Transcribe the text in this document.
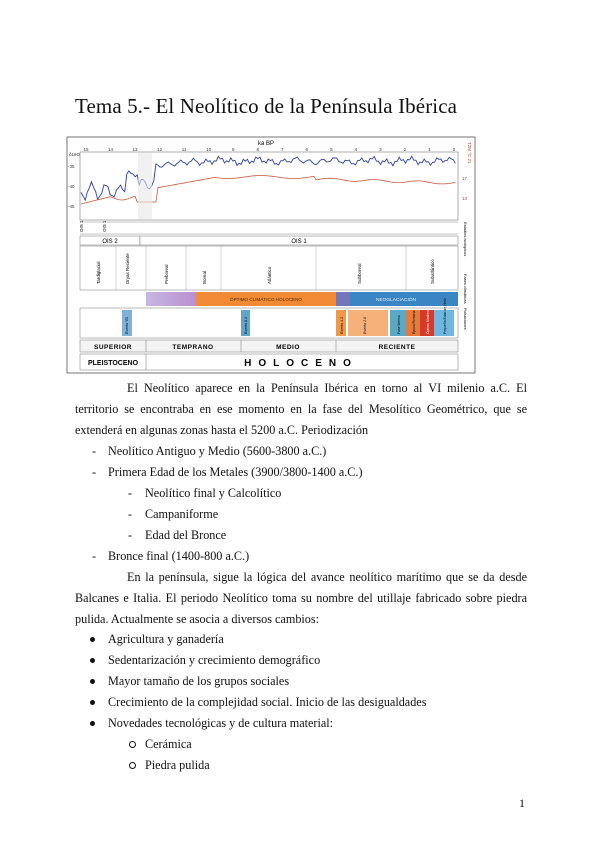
Tema 5.- El Neolítico de la Península Ibérica
ka BP
15	14	13	12	11	10	9	8	7	6	5	4	3	2	1	0
δ18O
-35
-40
-45
T2M °C 21
17
13
OIS 1	OIS 1
OIS 2	OIS 1
Tardiglacial	Dryas Reciente	Preboreal	Boreal	Atlántico	Subboreal	Subatlántico
ÓPTIMO CLIMÁTICO HOLOCENO	NEOGLACIACIÓN
Evento YD	Evento 8.2	Evento 4.2	Evento 2.8	Fase Ibérica	Época Romana	Óptimo Medieval	Pequeña Edad de Hielo
SUPERIOR	TEMPRANO	MEDIO	RECIENTE
PLEISTOCENO	HOLOCENO
Estadios isotópicos
Fases climáticas
Pulsaciones

El Neolítico aparece en la Península Ibérica en torno al VI milenio a.C. El territorio se encontraba en ese momento en la fase del Mesolítico Geométrico, que se extenderá en algunas zonas hasta el 5200 a.C. Periodización

- Neolítico Antiguo y Medio (5600-3800 a.C.)
- Primera Edad de los Metales (3900/3800-1400 a.C.)
- Neolítico final y Calcolítico
- Campaniforme
- Edad del Bronce
- Bronce final (1400-800 a.C.)

En la península, sigue la lógica del avance neolítico marítimo que se da desde Balcanes e Italia. El periodo Neolítico toma su nombre del utillaje fabricado sobre piedra pulida. Actualmente se asocia a diversos cambios:

Agricultura y ganadería
Sedentarización y crecimiento demográfico
Mayor tamaño de los grupos sociales
Crecimiento de la complejidad social. Inicio de las desigualdades
Novedades tecnológicas y de cultura material:
Cerámica
Piedra pulida
1
